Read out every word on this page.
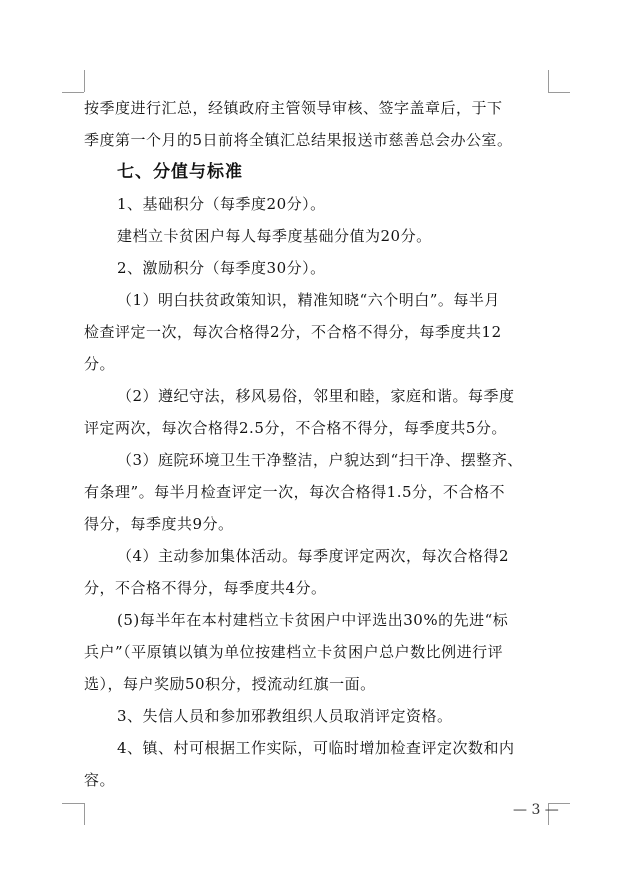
按季度进行汇总，经镇政府主管领导审核、签字盖章后，于下
季度第一个月的5日前将全镇汇总结果报送市慈善总会办公室。
七、分值与标准
1、基础积分（每季度20分）。
建档立卡贫困户每人每季度基础分值为20分。
2、激励积分（每季度30分）。
（1）明白扶贫政策知识，精准知晓“六个明白”。每半月
检查评定一次，每次合格得2分，不合格不得分，每季度共12
分。
（2）遵纪守法，移风易俗，邻里和睦，家庭和谐。每季度
评定两次，每次合格得2.5分，不合格不得分，每季度共5分。
（3）庭院环境卫生干净整洁，户貌达到“扫干净、摆整齐、
有条理”。每半月检查评定一次，每次合格得1.5分，不合格不
得分，每季度共9分。
（4）主动参加集体活动。每季度评定两次，每次合格得2
分，不合格不得分，每季度共4分。
(5)每半年在本村建档立卡贫困户中评选出30%的先进“标
兵户”（平原镇以镇为单位按建档立卡贫困户总户数比例进行评
选），每户奖励50积分，授流动红旗一面。
3、失信人员和参加邪教组织人员取消评定资格。
4、镇、村可根据工作实际，可临时增加检查评定次数和内
容。
— 3 —
